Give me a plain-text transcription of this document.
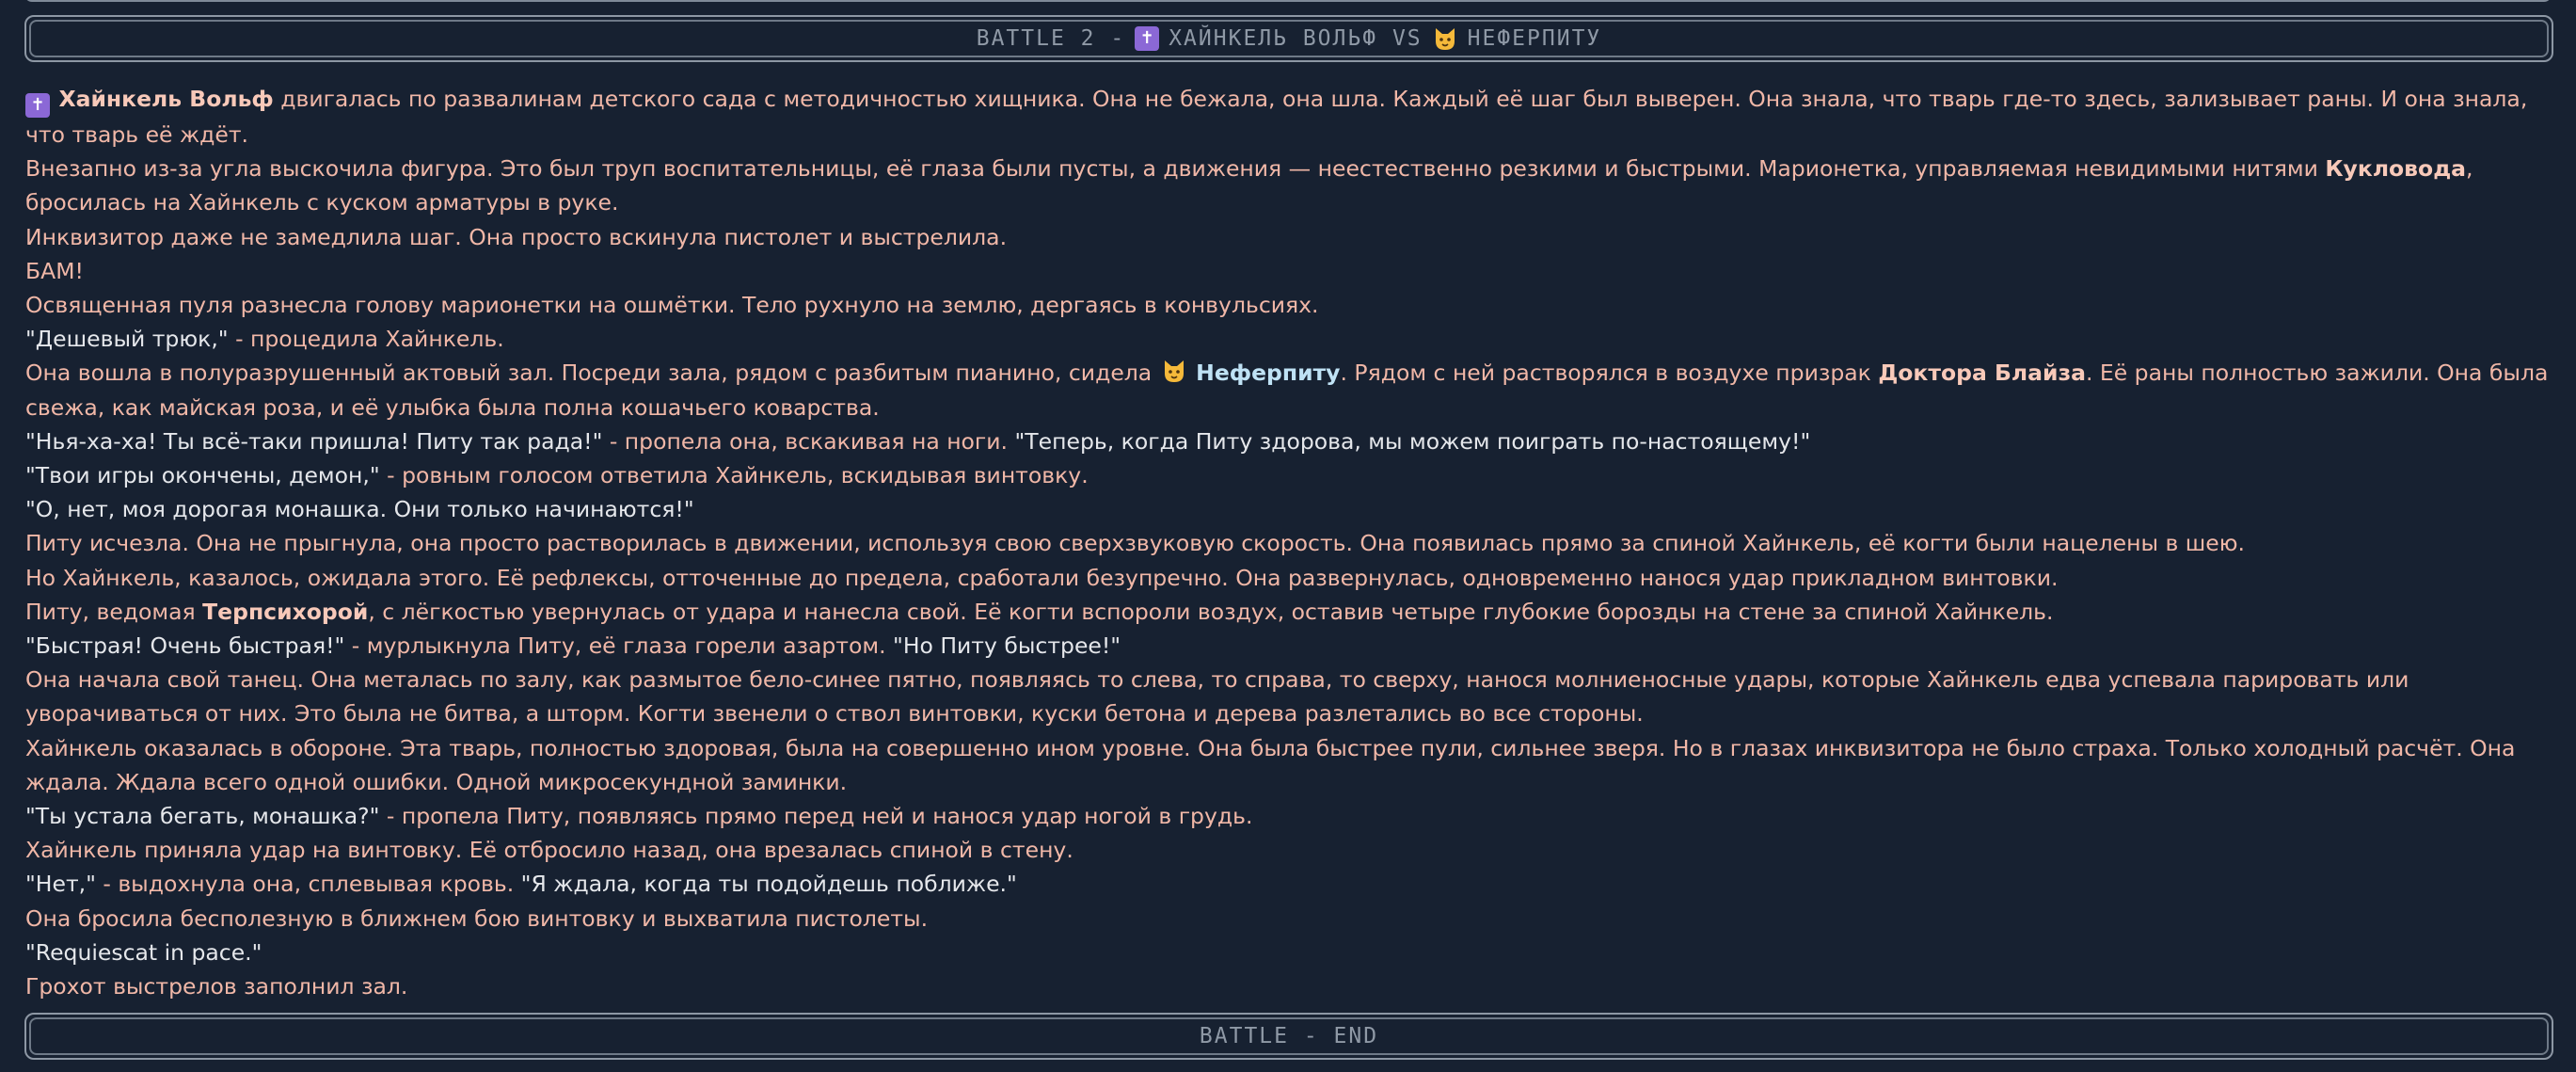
BATTLE 2 - ✝ ХАЙНКЕЛЬ ВОЛЬФ
VS НЕФЕРПИТУ

✝ Хайнкель Вольф двигалась по развалинам детского сада с методичностью хищника. Она не бежала, она шла. Каждый её шаг был выверен. Она знала, что тварь где-то здесь, зализывает раны. И она знала, что тварь её ждёт.

Внезапно из-за угла выскочила фигура. Это был труп воспитательницы, её глаза были пусты, а движения — неестественно резкими и быстрыми. Марионетка, управляемая невидимыми нитями Кукловода, бросилась на Хайнкель с куском арматуры в руке.

Инквизитор даже не замедлила шаг. Она просто вскинула пистолет и выстрелила.

БАМ!

Освященная пуля разнесла голову марионетки на ошмётки. Тело рухнуло на землю, дергаясь в конвульсиях.

"Дешевый трюк," - процедила Хайнкель.

Она вошла в полуразрушенный актовый зал. Посреди зала, рядом с разбитым пианино, сидела
Неферпиту. Рядом с ней растворялся в воздухе призрак Доктора Блайза. Её раны полностью зажили. Она была свежа, как майская роза, и её улыбка была полна кошачьего коварства.

"Нья-ха-ха! Ты всё-таки пришла! Питу так рада!" - пропела она, вскакивая на ноги. "Теперь, когда Питу здорова, мы можем поиграть по-настоящему!"

"Твои игры окончены, демон," - ровным голосом ответила Хайнкель, вскидывая винтовку.

"О, нет, моя дорогая монашка. Они только начинаются!"

Питу исчезла. Она не прыгнула, она просто растворилась в движении, используя свою сверхзвуковую скорость. Она появилась прямо за спиной Хайнкель, её когти были нацелены в шею.

Но Хайнкель, казалось, ожидала этого. Её рефлексы, отточенные до предела, сработали безупречно. Она развернулась, одновременно нанося удар прикладном винтовки.

Питу, ведомая Терпсихорой, с лёгкостью увернулась от удара и нанесла свой. Её когти вспороли воздух, оставив четыре глубокие борозды на стене за спиной Хайнкель.

"Быстрая! Очень быстрая!" - мурлыкнула Питу, её глаза горели азартом. "Но Питу быстрее!"

Она начала свой танец. Она металась по залу, как размытое бело-синее пятно, появляясь то слева, то справа, то сверху, нанося молниеносные удары, которые Хайнкель едва успевала парировать или уворачиваться от них. Это была не битва, а шторм. Когти звенели о ствол винтовки, куски бетона и дерева разлетались во все стороны.

Хайнкель оказалась в обороне. Эта тварь, полностью здоровая, была на совершенно ином уровне. Она была быстрее пули, сильнее зверя. Но в глазах инквизитора не было страха. Только холодный расчёт. Она ждала. Ждала всего одной ошибки. Одной микросекундной заминки.

"Ты устала бегать, монашка?" - пропела Питу, появляясь прямо перед ней и нанося удар ногой в грудь.

Хайнкель приняла удар на винтовку. Её отбросило назад, она врезалась спиной в стену.

"Нет," - выдохнула она, сплевывая кровь. "Я ждала, когда ты подойдешь поближе."

Она бросила бесполезную в ближнем бою винтовку и выхватила пистолеты.

"Requiescat in pace."

Грохот выстрелов заполнил зал.

BATTLE - END
